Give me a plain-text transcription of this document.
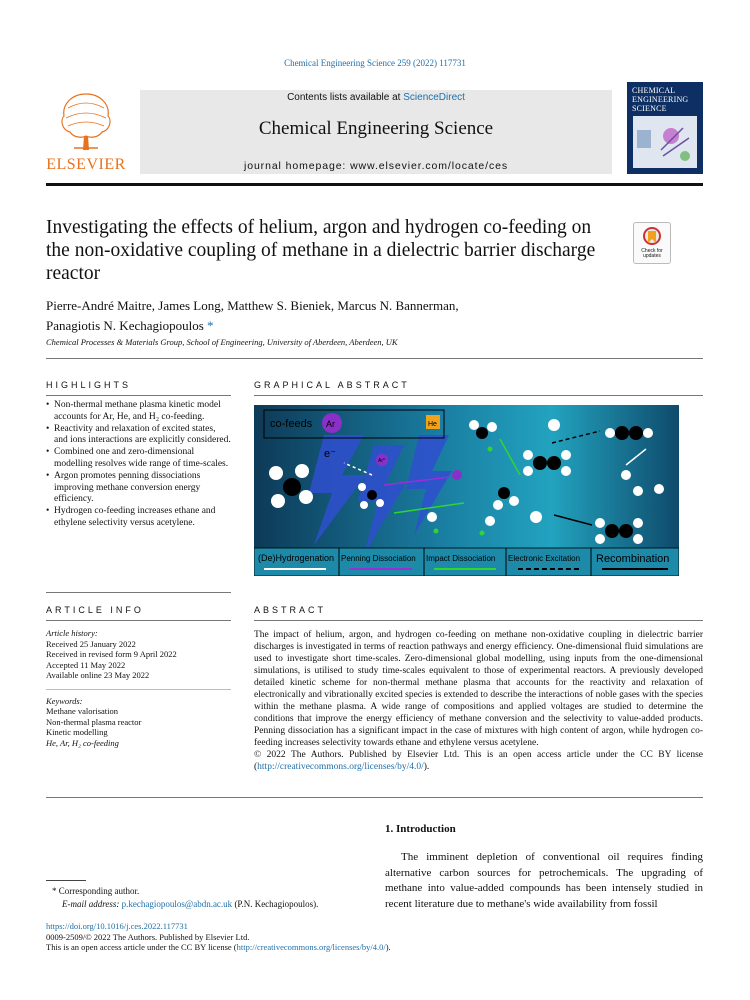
Chemical Engineering Science 259 (2022) 117731
ELSEVIER
Contents lists available at ScienceDirect
Chemical Engineering Science
journal homepage: www.elsevier.com/locate/ces
CHEMICAL
ENGINEERING
SCIENCE
Investigating the effects of helium, argon and hydrogen co-feeding on
the non-oxidative coupling of methane in a dielectric barrier discharge
reactor
Check for
updates
Pierre-André Maitre, James Long, Matthew S. Bieniek, Marcus N. Bannerman,
Panagiotis N. Kechagiopoulos *
Chemical Processes & Materials Group, School of Engineering, University of Aberdeen, Aberdeen, UK
HIGHLIGHTS
• Non-thermal methane plasma kinetic model accounts for Ar, He, and H₂ co-feeding.
• Reactivity and relaxation of excited states, and ions interactions are explicitly considered.
• Combined one and zero-dimensional modelling resolves wide range of time-scales.
• Argon promotes penning dissociations improving methane conversion energy efficiency.
• Hydrogen co-feeding increases ethane and ethylene selectivity versus acetylene.
GRAPHICAL ABSTRACT
co-feeds Ar	He
e⁻
Ar*
(De)Hydrogenation Penning Dissociation Impact Dissociation Electronic Excitation Recombination
ARTICLE INFO
Article history:
Received 25 January 2022
Received in revised form 9 April 2022
Accepted 11 May 2022
Available online 23 May 2022
Keywords:
Methane valorisation
Non-thermal plasma reactor
Kinetic modelling
He, Ar, H₂ co-feeding
ABSTRACT
The impact of helium, argon, and hydrogen co-feeding on methane non-oxidative coupling in dielectric barrier discharges is investigated in terms of reaction pathways and energy efficiency. One-dimensional fluid simulations are used to investigate short time-scales. Zero-dimensional global modelling, using inputs from the one-dimensional simulations, is utilised to study time-scales equivalent to those of experimental reactors. A previously developed detailed kinetic scheme for non-thermal methane plasma that accounts for the reactivity and relaxation of electronically and vibrationally excited species is extended to describe the interactions of noble gases with the species within the methane plasma. A wide range of compositions and applied voltages are studied to determine the conditions that improve the energy efficiency of methane conversion and the selectivity to value-added products. Penning dissociation has a significant impact in the case of mixtures with high content of argon, while hydrogen co-feeding increases selectivity towards ethane and ethylene versus acetylene.
© 2022 The Authors. Published by Elsevier Ltd. This is an open access article under the CC BY license (http://creativecommons.org/licenses/by/4.0/).
1. Introduction
The imminent depletion of conventional oil requires finding alternative carbon sources for petrochemicals. The upgrading of methane into value-added compounds has been intensely studied in recent literature due to methane's wide availability from fossil
* Corresponding author.
E-mail address: p.kechagiopoulos@abdn.ac.uk (P.N. Kechagiopoulos).
https://doi.org/10.1016/j.ces.2022.117731
0009-2509/© 2022 The Authors. Published by Elsevier Ltd.
This is an open access article under the CC BY license (http://creativecommons.org/licenses/by/4.0/).
